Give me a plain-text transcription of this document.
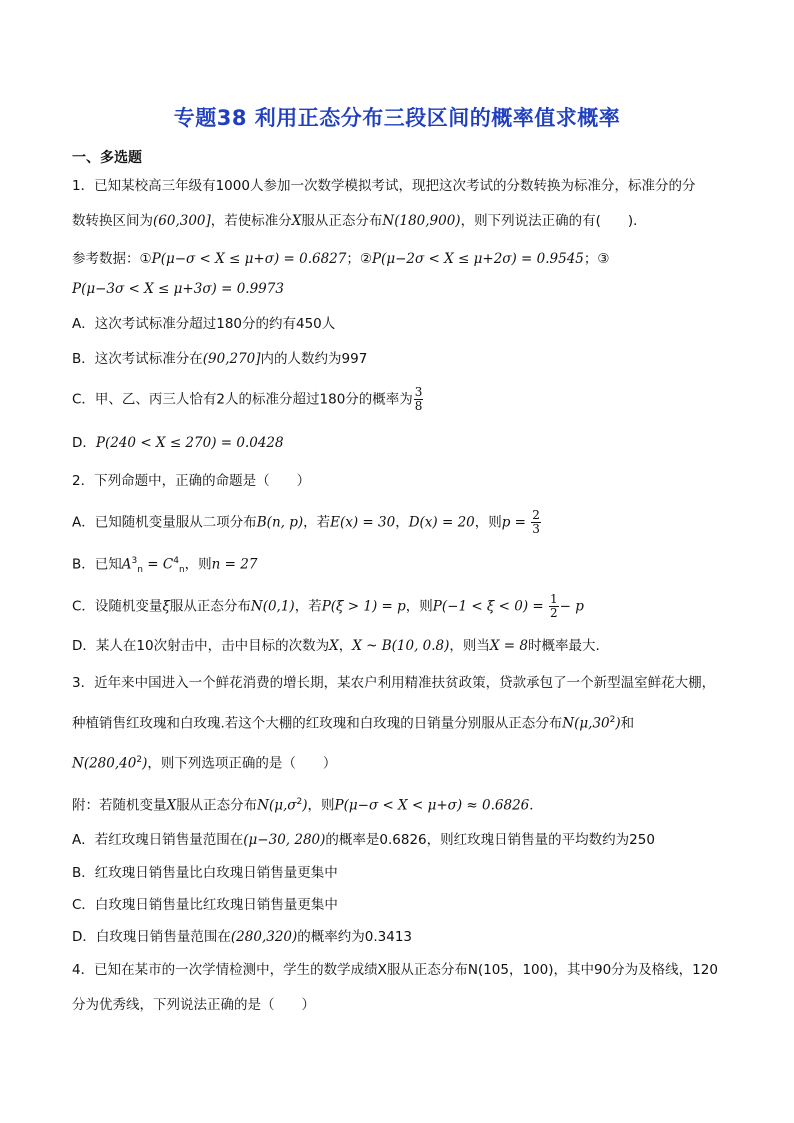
专题38 利用正态分布三段区间的概率值求概率
一、多选题
1．已知某校高三年级有1000人参加一次数学模拟考试，现把这次考试的分数转换为标准分，标准分的分
数转换区间为(60,300]，若使标准分X服从正态分布N(180,900)，则下列说法正确的有(　　)．
参考数据：①P(μ−σ < X ≤ μ+σ) = 0.6827；②P(μ−2σ < X ≤ μ+2σ) = 0.9545；③
P(μ−3σ < X ≤ μ+3σ) = 0.9973
A．这次考试标准分超过180分的约有450人
B．这次考试标准分在(90,270]内的人数约为997
C．甲、乙、丙三人恰有2人的标准分超过180分的概率为 $\frac{3}{8}$
D．P(240 < X ≤ 270) = 0.0428
2．下列命题中，正确的命题是（　　）
A．已知随机变量服从二项分布B(n, p)，若E(x) = 30，D(x) = 20，则$p = \frac{2}{3}$
B．已知$A^3_n = C^4_n$，则n = 27
C．设随机变量ξ服从正态分布N(0,1)，若P(ξ > 1) = p，则$P(-1 < \xi < 0) = \frac{1}{2} - p$
D．某人在10次射击中，击中目标的次数为X，X ~ B(10, 0.8)，则当X = 8时概率最大.
3．近年来中国进入一个鲜花消费的增长期，某农户利用精准扶贫政策，贷款承包了一个新型温室鲜花大棚，
种植销售红玫瑰和白玫瑰.若这个大棚的红玫瑰和白玫瑰的日销量分别服从正态分布$N(\mu,30^2)$和
N(280,40$^2$)，则下列选项正确的是（　　）
附：若随机变量X服从正态分布$N(\mu,\sigma^2)$，则P(μ−σ < X < μ+σ) ≈ 0.6826．
A．若红玫瑰日销售量范围在(μ−30, 280)的概率是0.6826，则红玫瑰日销售量的平均数约为250
B．红玫瑰日销售量比白玫瑰日销售量更集中
C．白玫瑰日销售量比红玫瑰日销售量更集中
D．白玫瑰日销售量范围在(280,320)的概率约为0.3413
4．已知在某市的一次学情检测中，学生的数学成绩X服从正态分布N(105，100)，其中90分为及格线，120
分为优秀线，下列说法正确的是（　　）
